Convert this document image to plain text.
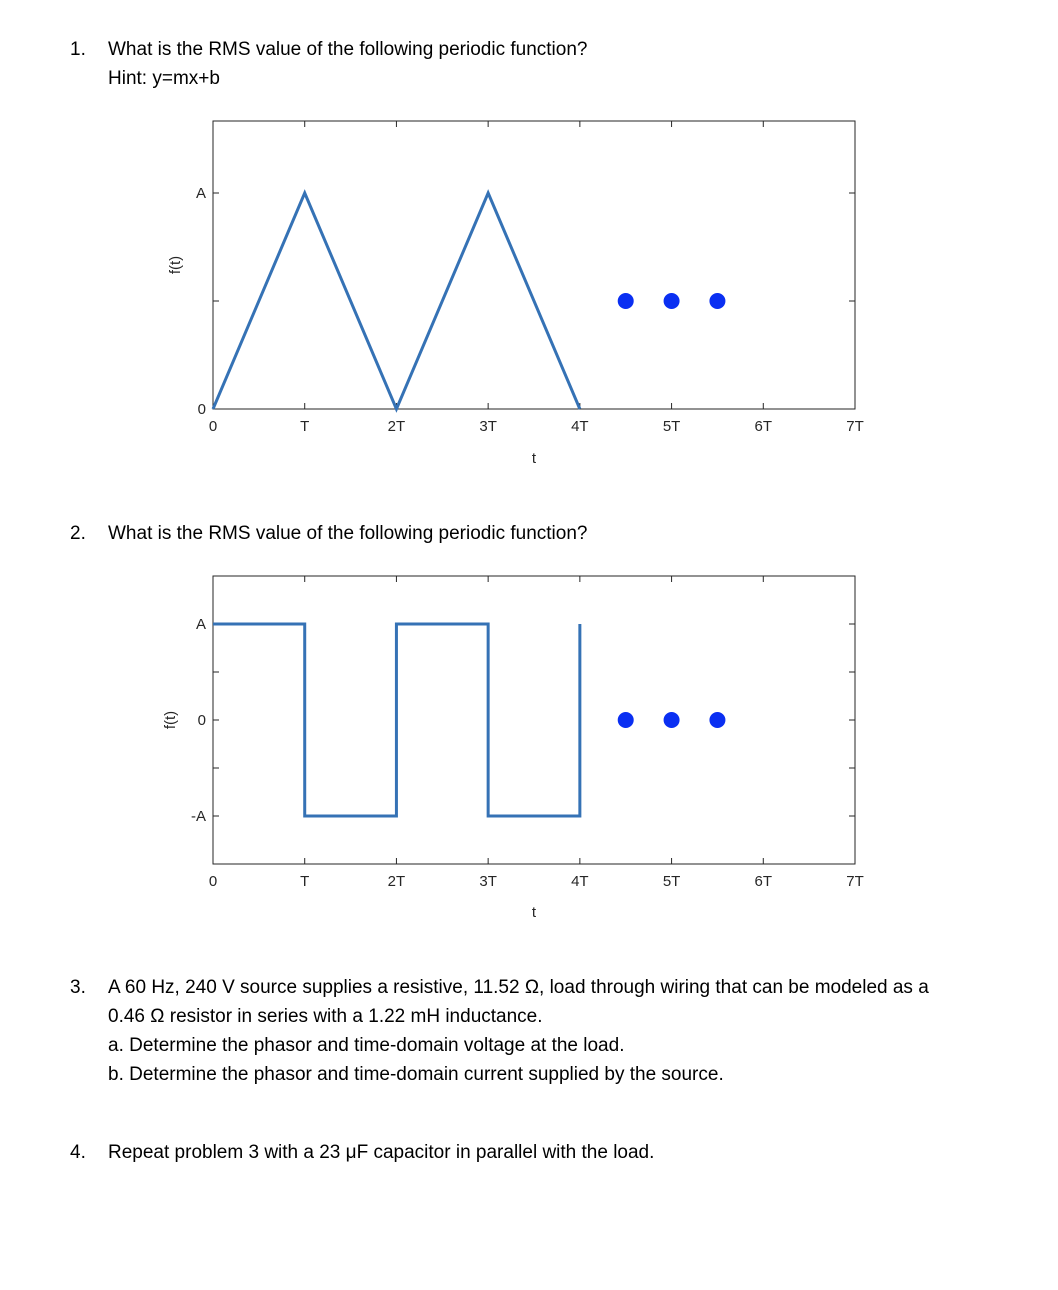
1. What is the RMS value of the following periodic function?
Hint: y=mx+b
2. What is the RMS value of the following periodic function?
3. A 60 Hz, 240 V source supplies a resistive, 11.52 Ω, load through wiring that can be modeled as a
0.46 Ω resistor in series with a 1.22 mH inductance.
a. Determine the phasor and time-domain voltage at the load.
b. Determine the phasor and time-domain current supplied by the source.
4. Repeat problem 3 with a 23 μF capacitor in parallel with the load.
0	T	2T	3T	4T	5T	6T	7T
0
A
t
f(t)
0	T	2T	3T	4T	5T	6T	7T
-A
0
A
t
f(t)
